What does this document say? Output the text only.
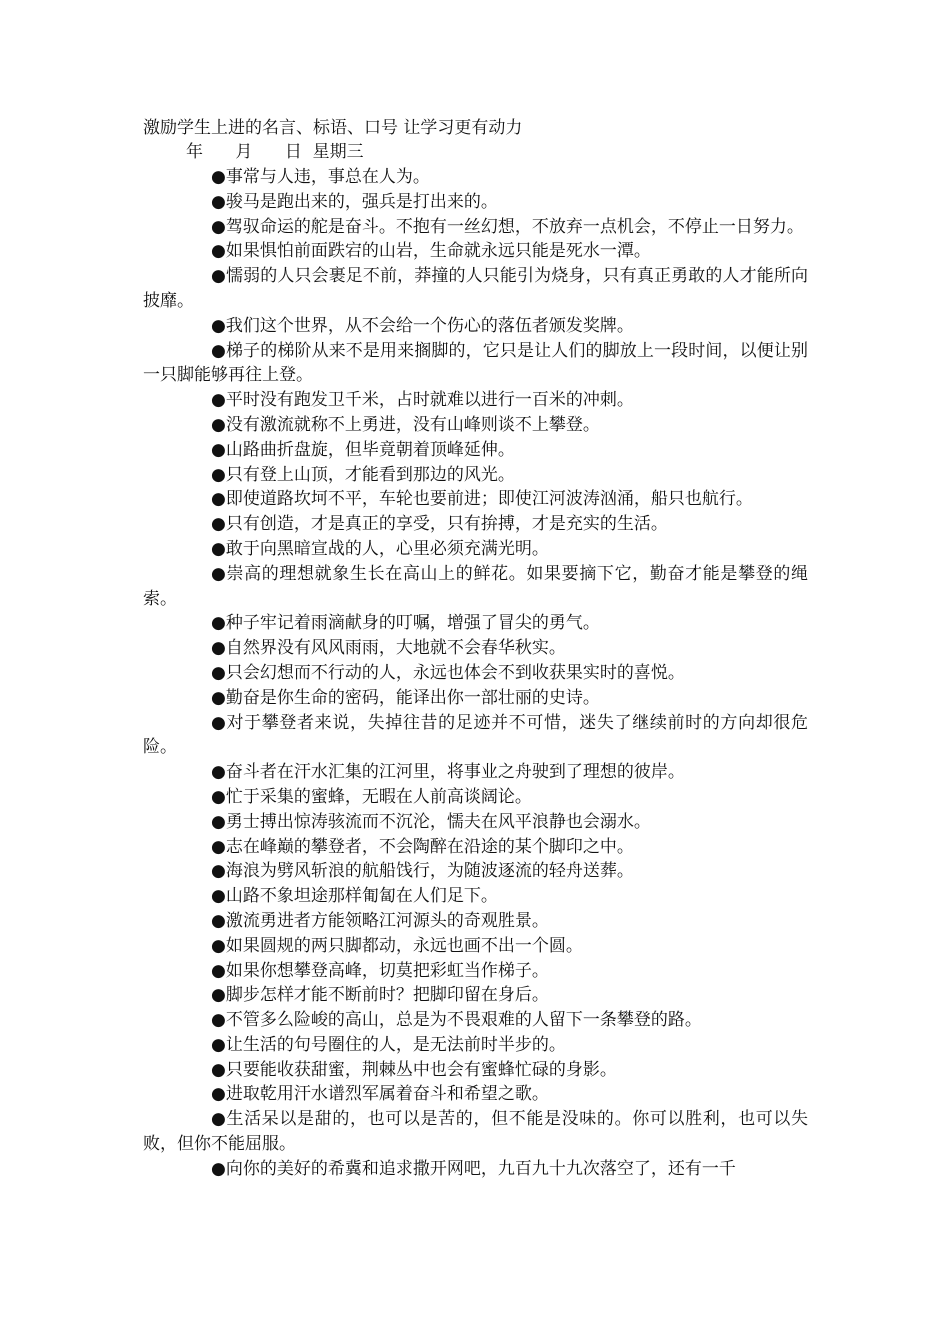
激励学生上进的名言、标语、口号 让学习更有动力
年      月      日  星期三

●事常与人违，事总在人为。

●骏马是跑出来的，强兵是打出来的。

●驾驭命运的舵是奋斗。不抱有一丝幻想，不放弃一点机会，不停止一日努力。

●如果惧怕前面跌宕的山岩，生命就永远只能是死水一潭。

●懦弱的人只会裹足不前，莽撞的人只能引为烧身，只有真正勇敢的人才能所向披靡。

●我们这个世界，从不会给一个伤心的落伍者颁发奖牌。

●梯子的梯阶从来不是用来搁脚的，它只是让人们的脚放上一段时间，以便让别一只脚能够再往上登。

●平时没有跑发卫千米，占时就难以进行一百米的冲刺。

●没有激流就称不上勇进，没有山峰则谈不上攀登。

●山路曲折盘旋，但毕竟朝着顶峰延伸。

●只有登上山顶，才能看到那边的风光。

●即使道路坎坷不平，车轮也要前进；即使江河波涛汹涌，船只也航行。

●只有创造，才是真正的享受，只有拚搏，才是充实的生活。

●敢于向黑暗宣战的人，心里必须充满光明。

●崇高的理想就象生长在高山上的鲜花。如果要摘下它，勤奋才能是攀登的绳索。

●种子牢记着雨滴献身的叮嘱，增强了冒尖的勇气。

●自然界没有风风雨雨，大地就不会春华秋实。

●只会幻想而不行动的人，永远也体会不到收获果实时的喜悦。

●勤奋是你生命的密码，能译出你一部壮丽的史诗。

●对于攀登者来说，失掉往昔的足迹并不可惜，迷失了继续前时的方向却很危险。

●奋斗者在汗水汇集的江河里，将事业之舟驶到了理想的彼岸。

●忙于采集的蜜蜂，无暇在人前高谈阔论。

●勇士搏出惊涛骇流而不沉沦，懦夫在风平浪静也会溺水。

●志在峰巅的攀登者，不会陶醉在沿途的某个脚印之中。

●海浪为劈风斩浪的航船饯行，为随波逐流的轻舟送葬。

●山路不象坦途那样匍匐在人们足下。

●激流勇进者方能领略江河源头的奇观胜景。

●如果圆规的两只脚都动，永远也画不出一个圆。

●如果你想攀登高峰，切莫把彩虹当作梯子。

●脚步怎样才能不断前时？把脚印留在身后。

●不管多么险峻的高山，总是为不畏艰难的人留下一条攀登的路。

●让生活的句号圈住的人，是无法前时半步的。

●只要能收获甜蜜，荆棘丛中也会有蜜蜂忙碌的身影。

●进取乾用汗水谱烈军属着奋斗和希望之歌。

●生活呆以是甜的，也可以是苦的，但不能是没味的。你可以胜利，也可以失败，但你不能屈服。

●向你的美好的希冀和追求撒开网吧，九百九十九次落空了，还有一千
